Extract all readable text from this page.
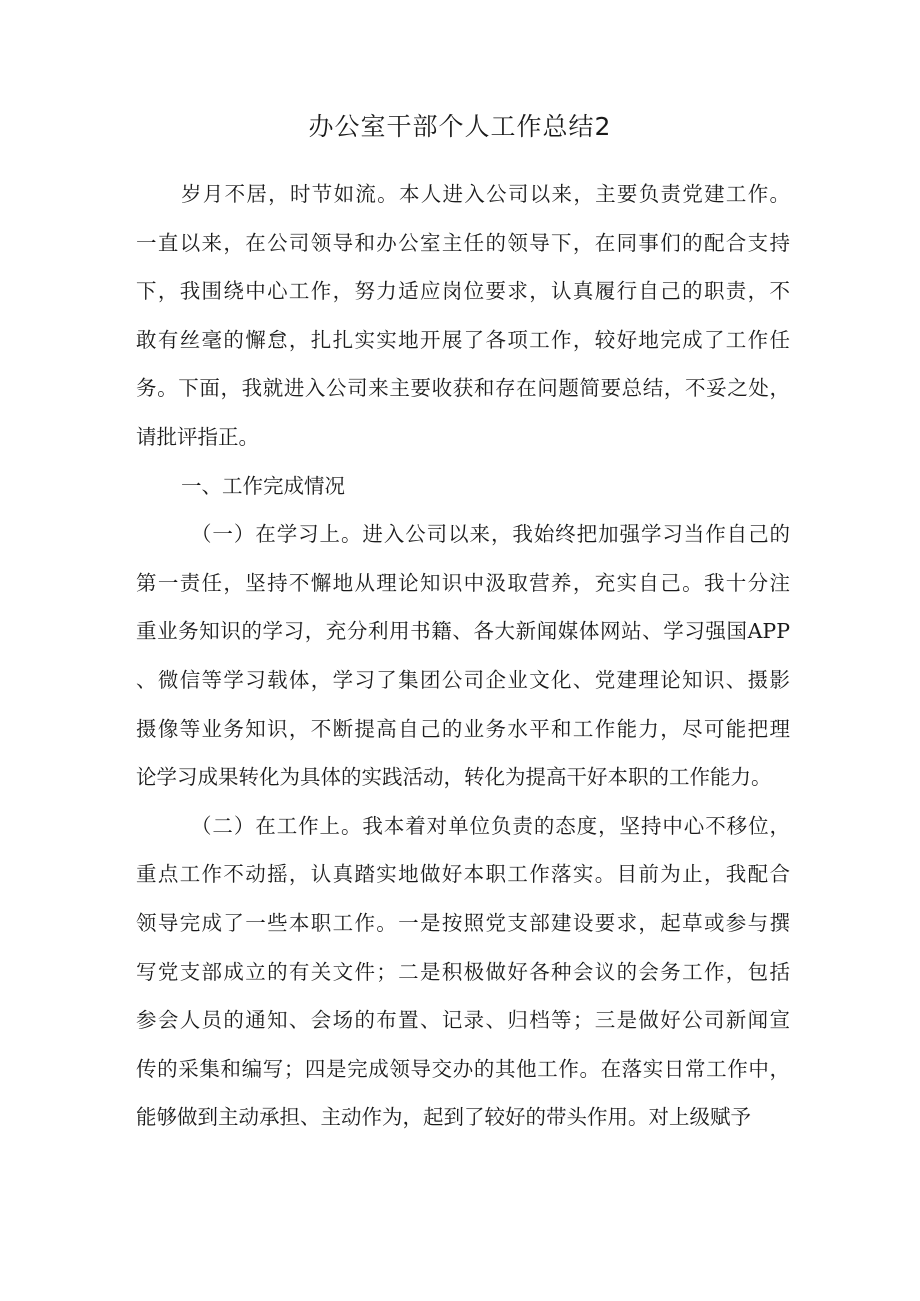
办公室干部个人工作总结2

岁月不居，时节如流。本人进入公司以来，主要负责党建工作。
一直以来，在公司领导和办公室主任的领导下，在同事们的配合支持
下，我围绕中心工作，努力适应岗位要求，认真履行自己的职责，不
敢有丝毫的懈怠，扎扎实实地开展了各项工作，较好地完成了工作任
务。下面，我就进入公司来主要收获和存在问题简要总结，不妥之处，
请批评指正。

一、工作完成情况

（一）在学习上。进入公司以来，我始终把加强学习当作自己的
第一责任，坚持不懈地从理论知识中汲取营养，充实自己。我十分注
重业务知识的学习，充分利用书籍、各大新闻媒体网站、学习强国APP
、微信等学习载体，学习了集团公司企业文化、党建理论知识、摄影
摄像等业务知识，不断提高自己的业务水平和工作能力，尽可能把理
论学习成果转化为具体的实践活动，转化为提高干好本职的工作能力。

（二）在工作上。我本着对单位负责的态度，坚持中心不移位，
重点工作不动摇，认真踏实地做好本职工作落实。目前为止，我配合
领导完成了一些本职工作。一是按照党支部建设要求，起草或参与撰
写党支部成立的有关文件；二是积极做好各种会议的会务工作，包括
参会人员的通知、会场的布置、记录、归档等；三是做好公司新闻宣
传的采集和编写；四是完成领导交办的其他工作。在落实日常工作中，
能够做到主动承担、主动作为，起到了较好的带头作用。对上级赋予
